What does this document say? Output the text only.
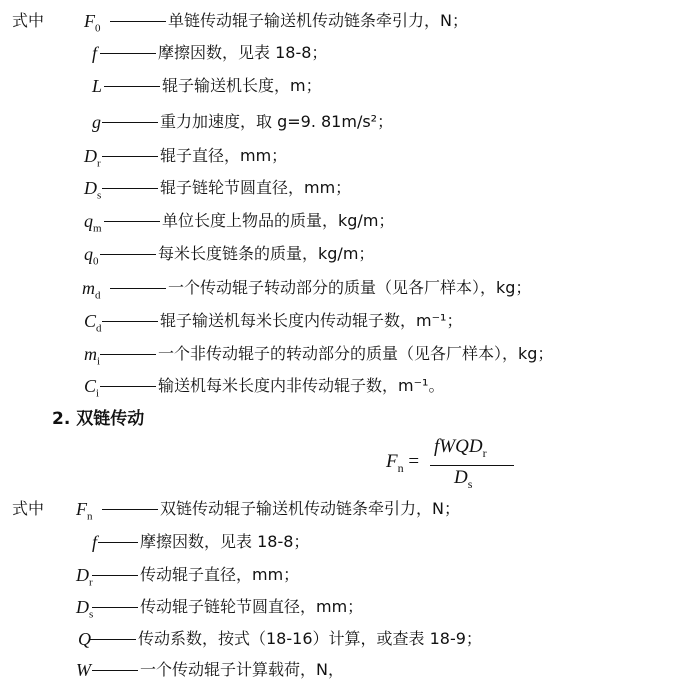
式中 $F_0$	单链传动辊子输送机传动链条牵引力，N；
f	摩擦因数，见表 18-8；
L	辊子输送机长度，m；
g	重力加速度，取 g=9. 81m/s²；
$D_r$	辊子直径，mm；
$D_s$	辊子链轮节圆直径，mm；
$q_m$	单位长度上物品的质量，kg/m；
$q_0$	每米长度链条的质量，kg/m；
$m_d$	一个传动辊子转动部分的质量（见各厂样本），kg；
$C_d$	辊子输送机每米长度内传动辊子数，m⁻¹；
$m_i$	一个非传动辊子的转动部分的质量（见各厂样本），kg；
$C_i$	输送机每米长度内非传动辊子数，m⁻¹。
2. 双链传动
$F_n$ =
fWQD$_r$
$D_s$
式中 $F_n$	双链传动辊子输送机传动链条牵引力，N；
f	摩擦因数，见表 18-8；
$D_r$	传动辊子直径，mm；
$D_s$	传动辊子链轮节圆直径，mm；
Q	传动系数，按式（18-16）计算，或查表 18-9；
W	一个传动辊子计算载荷，N，
